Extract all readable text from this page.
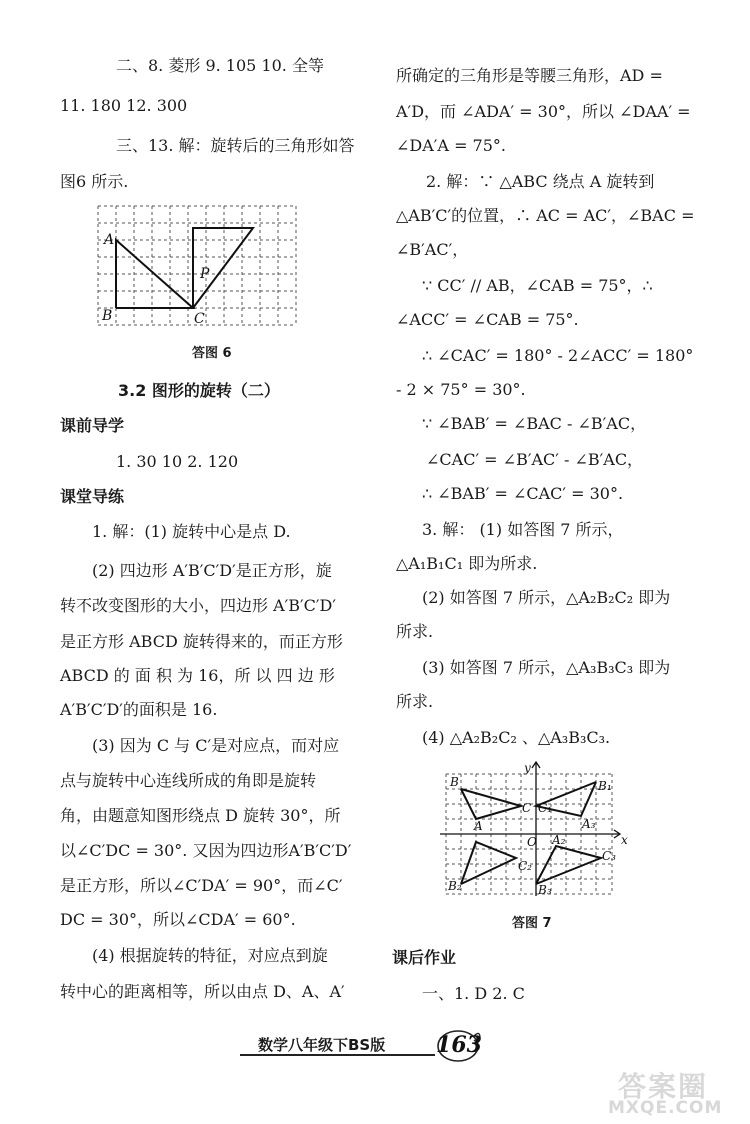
二、8. 菱形 9. 105 10. 全等
11. 180 12. 300
三、13. 解：旋转后的三角形如答
图6 所示.
A
B	C
P
答图 6
3.2 图形的旋转（二）
课前导学
1. 30 10 2. 120
课堂导练
1. 解：(1) 旋转中心是点 D.
(2) 四边形 A′B′C′D′是正方形，旋
转不改变图形的大小，四边形 A′B′C′D′
是正方形 ABCD 旋转得来的，而正方形
ABCD 的 面 积 为 16，所 以 四 边 形
A′B′C′D′的面积是 16.
(3) 因为 C 与 C′是对应点，而对应
点与旋转中心连线所成的角即是旋转
角，由题意知图形绕点 D 旋转 30°，所
以∠C′DC = 30°. 又因为四边形A′B′C′D′
是正方形，所以∠C′DA′ = 90°，而∠C′
DC = 30°，所以∠CDA′ = 60°.
(4) 根据旋转的特征，对应点到旋
转中心的距离相等，所以由点 D、A、A′
所确定的三角形是等腰三角形，AD =
A′D，而 ∠ADA′ = 30°，所以 ∠DAA′ =
∠DA′A = 75°.
2. 解：∵ △ABC 绕点 A 旋转到
△AB′C′的位置，∴ AC = AC′，∠BAC =
∠B′AC′，
∵ CC′ // AB，∠CAB = 75°，∴
∠ACC′ = ∠CAB = 75°.
∴ ∠CAC′ = 180° - 2∠ACC′ = 180°
- 2 × 75° = 30°.
∵ ∠BAB′ = ∠BAC - ∠B′AC，
∠CAC′ = ∠B′AC′ - ∠B′AC，
∴ ∠BAB′ = ∠CAC′ = 30°.
3. 解： (1) 如答图 7 所示，
△A₁B₁C₁ 即为所求.
(2) 如答图 7 所示，△A₂B₂C₂ 即为
所求.
(3) 如答图 7 所示，△A₃B₃C₃ 即为
所求.
(4) △A₂B₂C₂ 、△A₃B₃C₃.
x
y
O
B
C
A
B₁
C₁
A₃
A₂
B₂
C₂
B₃
C₃
答图 7
课后作业
一、1. D 2. C
数学八年级下BS版 163
答案圈
MXQE.COM
